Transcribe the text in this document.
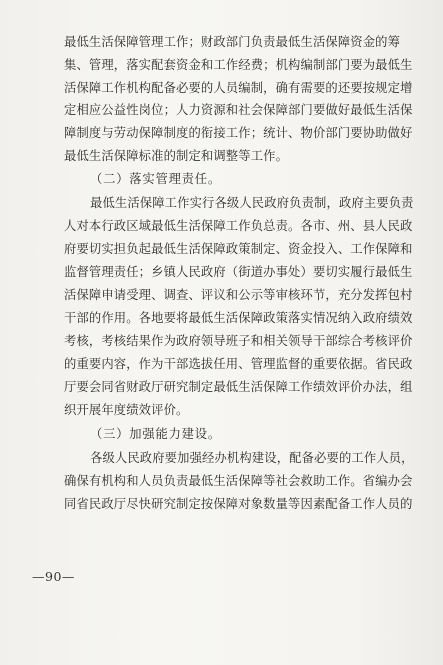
最低生活保障管理工作；财政部门负责最低生活保障资金的筹
集、管理，落实配套资金和工作经费；机构编制部门要为最低生
活保障工作机构配备必要的人员编制，确有需要的还要按规定增
定相应公益性岗位；人力资源和社会保障部门要做好最低生活保
障制度与劳动保障制度的衔接工作；统计、物价部门要协助做好
最低生活保障标准的制定和调整等工作。
（二）落实管理责任。
最低生活保障工作实行各级人民政府负责制，政府主要负责
人对本行政区域最低生活保障工作负总责。各市、州、县人民政
府要切实担负起最低生活保障政策制定、资金投入、工作保障和
监督管理责任；乡镇人民政府（街道办事处）要切实履行最低生
活保障申请受理、调查、评议和公示等审核环节，充分发挥包村
干部的作用。各地要将最低生活保障政策落实情况纳入政府绩效
考核，考核结果作为政府领导班子和相关领导干部综合考核评价
的重要内容，作为干部选拔任用、管理监督的重要依据。省民政
厅要会同省财政厅研究制定最低生活保障工作绩效评价办法，组
织开展年度绩效评价。
（三）加强能力建设。
各级人民政府要加强经办机构建设，配备必要的工作人员，
确保有机构和人员负责最低生活保障等社会救助工作。省编办会
同省民政厅尽快研究制定按保障对象数量等因素配备工作人员的
—90—
